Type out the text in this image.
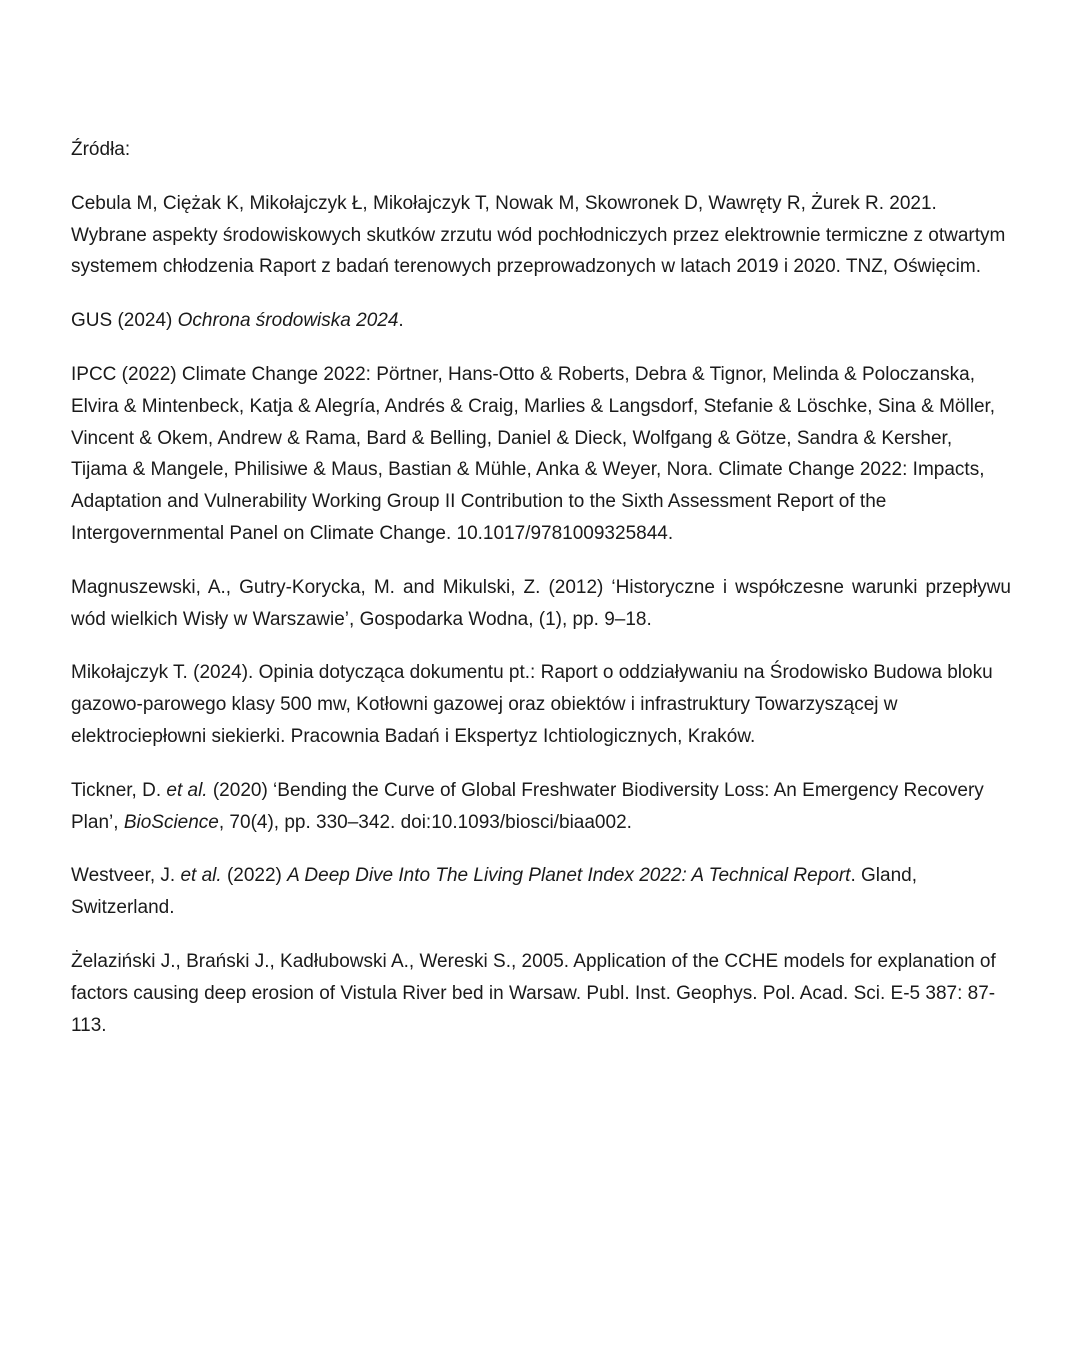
Źródła:

Cebula M, Ciężak K, Mikołajczyk Ł, Mikołajczyk T, Nowak M, Skowronek D, Wawręty R, Żurek R. 2021. Wybrane aspekty środowiskowych skutków zrzutu wód pochłodniczych przez elektrownie termiczne z otwartym systemem chłodzenia Raport z badań terenowych przeprowadzonych w latach 2019 i 2020. TNZ, Oświęcim.

GUS (2024) Ochrona środowiska 2024.

IPCC (2022) Climate Change 2022: Pörtner, Hans-Otto & Roberts, Debra & Tignor, Melinda & Poloczanska, Elvira & Mintenbeck, Katja & Alegría, Andrés & Craig, Marlies & Langsdorf, Stefanie & Löschke, Sina & Möller, Vincent & Okem, Andrew & Rama, Bard & Belling, Daniel & Dieck, Wolfgang & Götze, Sandra & Kersher, Tijama & Mangele, Philisiwe & Maus, Bastian & Mühle, Anka & Weyer, Nora. Climate Change 2022: Impacts, Adaptation and Vulnerability Working Group II Contribution to the Sixth Assessment Report of the Intergovernmental Panel on Climate Change. 10.1017/9781009325844.

Magnuszewski, A., Gutry-Korycka, M. and Mikulski, Z. (2012) ‘Historyczne i współczesne warunki przepływu wód wielkich Wisły w Warszawie’, Gospodarka Wodna, (1), pp. 9–18.

Mikołajczyk T. (2024). Opinia dotycząca dokumentu pt.: Raport o oddziaływaniu na Środowisko Budowa bloku gazowo-parowego klasy 500 mw, Kotłowni gazowej oraz obiektów i infrastruktury Towarzyszącej w elektrociepłowni siekierki. Pracownia Badań i Ekspertyz Ichtiologicznych, Kraków.

Tickner, D. et al. (2020) ‘Bending the Curve of Global Freshwater Biodiversity Loss: An Emergency Recovery Plan’, BioScience, 70(4), pp. 330–342. doi:10.1093/biosci/biaa002.

Westveer, J. et al. (2022) A Deep Dive Into The Living Planet Index 2022: A Technical Report. Gland, Switzerland.

Żelaziński J., Brański J., Kadłubowski A., Wereski S., 2005. Application of the CCHE models for explanation of factors causing deep erosion of Vistula River bed in Warsaw. Publ. Inst. Geophys. Pol. Acad. Sci. E-5 387: 87-113.
